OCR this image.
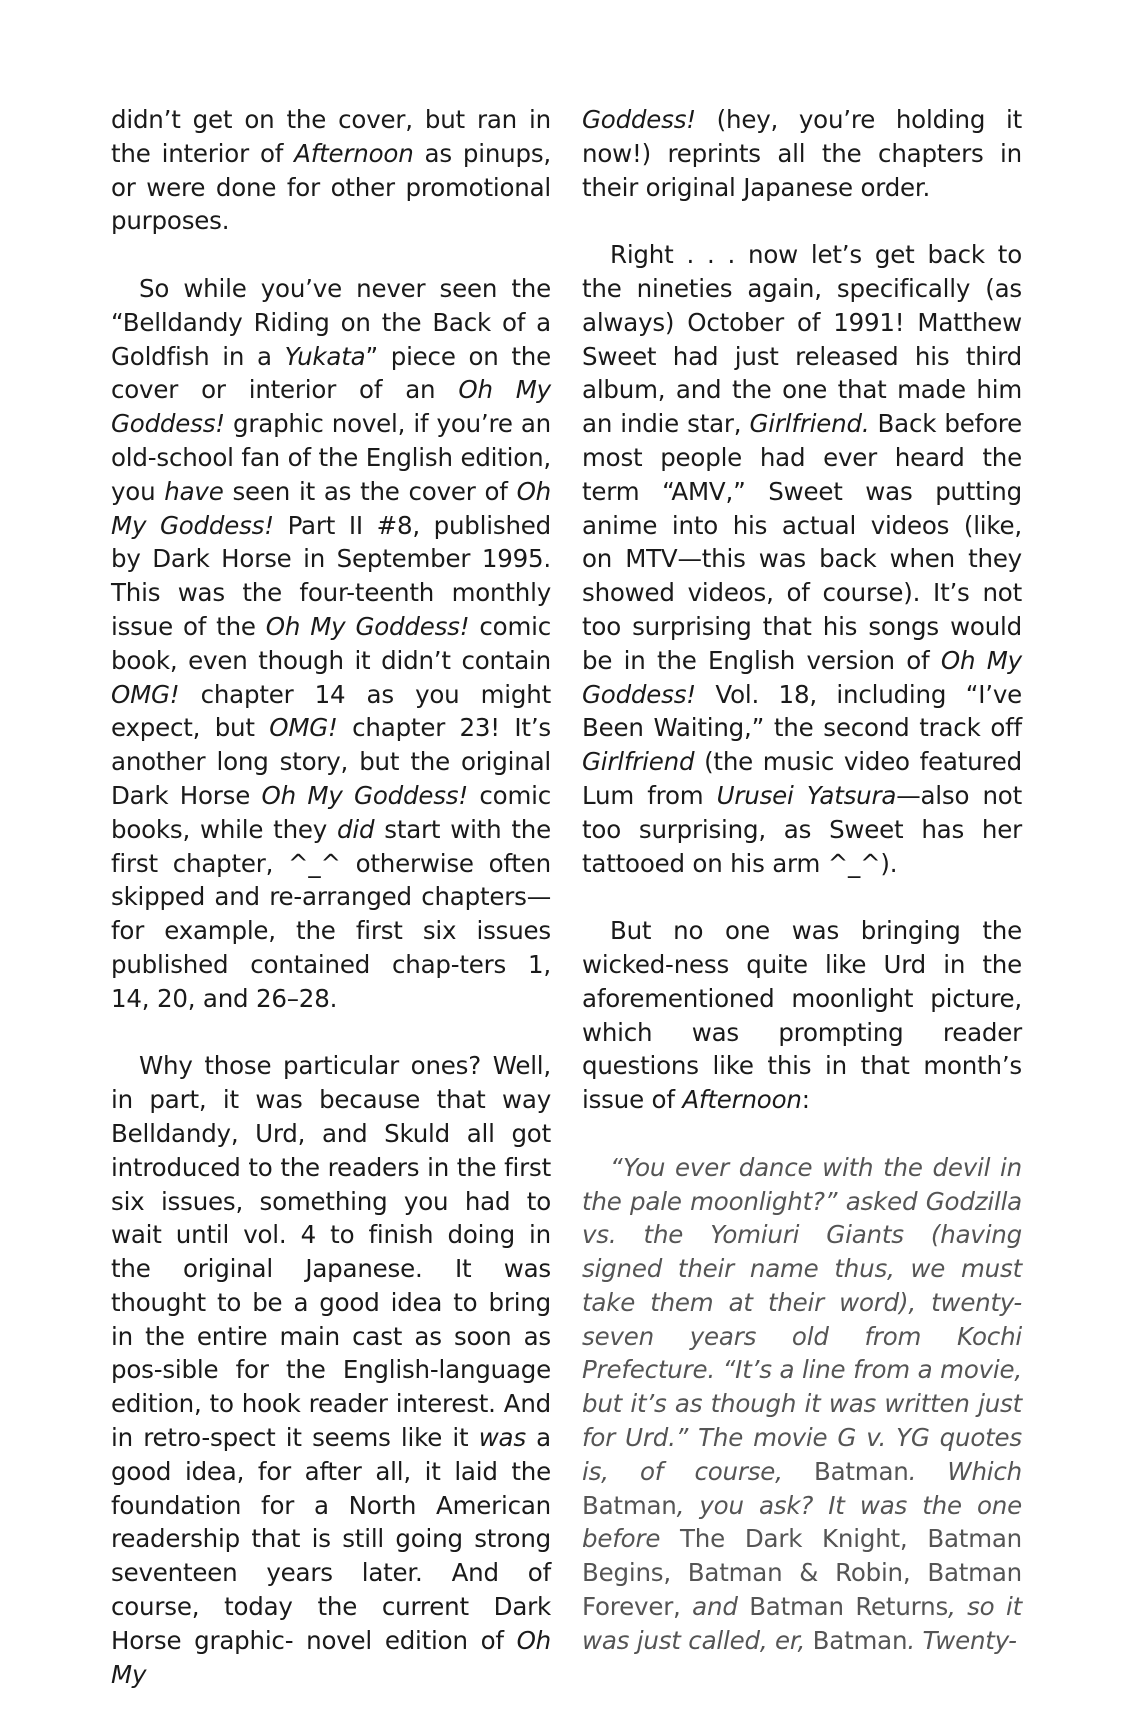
didn’t get on the cover, but ran in the interior of Afternoon as pinups, or were done for other promotional purposes.

So while you’ve never seen the “Belldandy Riding on the Back of a Goldfish in a Yukata” piece on the cover or interior of an Oh My Goddess! graphic novel, if you’re an old-school fan of the English edition, you have seen it as the cover of Oh My Goddess! Part II #8, published by Dark Horse in September 1995. This was the four-teenth monthly issue of the Oh My Goddess! comic book, even though it didn’t contain OMG! chapter 14 as you might expect, but OMG! chapter 23! It’s another long story, but the original Dark Horse Oh My Goddess! comic books, while they did start with the first chapter, ^_^ otherwise often skipped and re-arranged chapters—for example, the first six issues published contained chap-ters 1, 14, 20, and 26–28.

Why those particular ones? Well, in part, it was because that way Belldandy, Urd, and Skuld all got introduced to the readers in the first six issues, something you had to wait until vol. 4 to finish doing in the original Japanese. It was thought to be a good idea to bring in the entire main cast as soon as pos-sible for the English-language edition, to hook reader interest. And in retro-spect it seems like it was a good idea, for after all, it laid the foundation for a North American readership that is still going strong seventeen years later. And of course, today the current Dark Horse graphic- novel edition of Oh My

Goddess! (hey, you’re holding it now!) reprints all the chapters in their original Japanese order.

Right . . . now let’s get back to the nineties again, specifically (as always) October of 1991! Matthew Sweet had just released his third album, and the one that made him an indie star, Girlfriend. Back before most people had ever heard the term “AMV,” Sweet was putting anime into his actual videos (like, on MTV—this was back when they showed videos, of course). It’s not too surprising that his songs would be in the English version of Oh My Goddess! Vol. 18, including “I’ve Been Waiting,” the second track off Girlfriend (the music video featured Lum from Urusei Yatsura—also not too surprising, as Sweet has her tattooed on his arm ^_^).

But no one was bringing the wicked-ness quite like Urd in the aforementioned moonlight picture, which was prompting reader questions like this in that month’s issue of Afternoon:

“You ever dance with the devil in the pale moonlight?” asked Godzilla vs. the Yomiuri Giants (having signed their name thus, we must take them at their word), twenty-seven years old from Kochi Prefecture. “It’s a line from a movie, but it’s as though it was written just for Urd.” The movie G v. YG quotes is, of course, Batman. Which Batman, you ask? It was the one before The Dark Knight, Batman Begins, Batman & Robin, Batman Forever, and Batman Returns, so it was just called, er, Batman. Twenty-
